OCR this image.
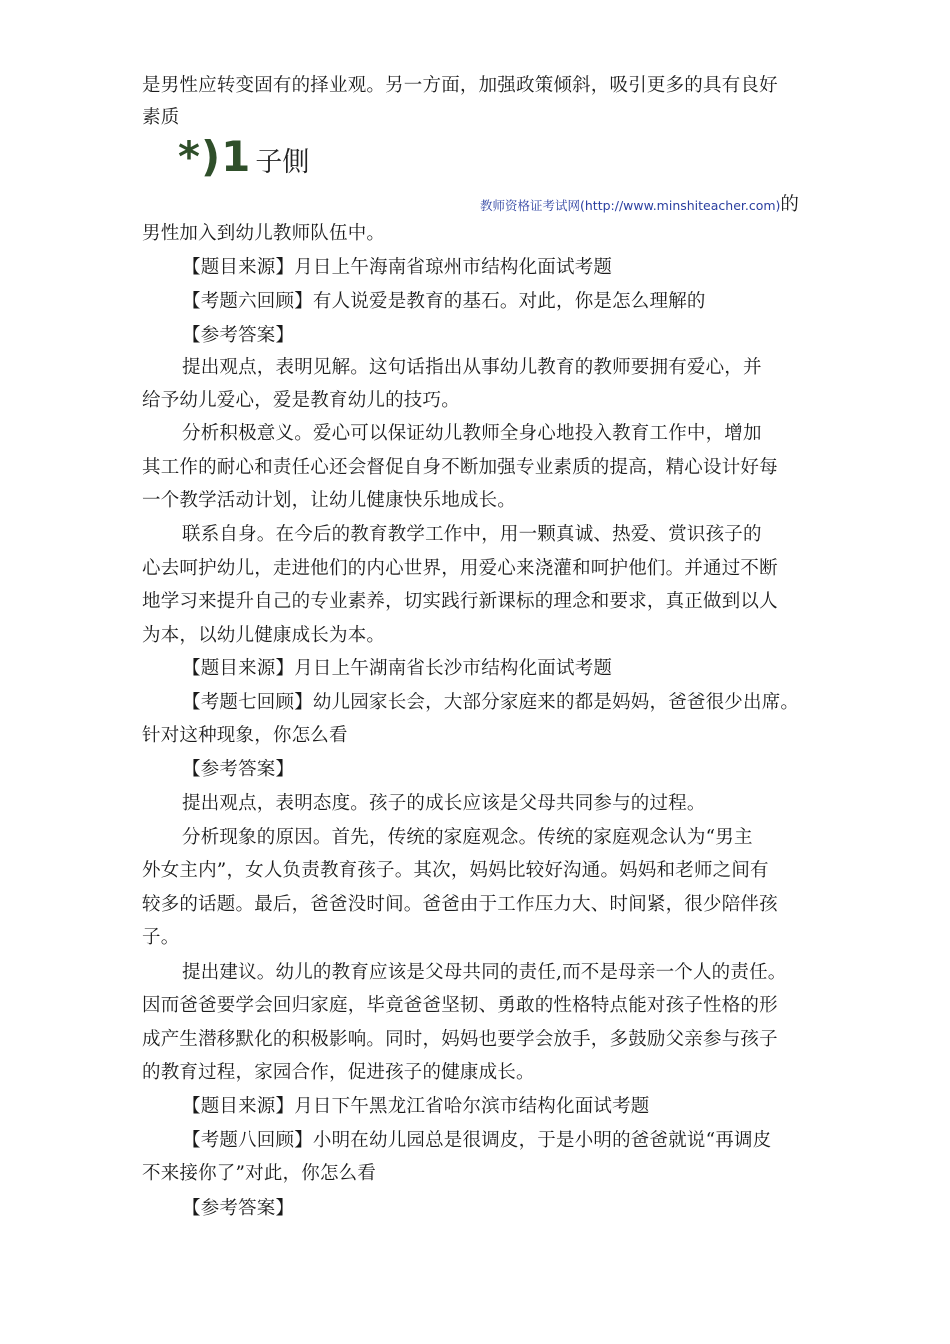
是男性应转变固有的择业观。另一方面，加强政策倾斜，吸引更多的具有良好
素质
*)1 子側
教师资格证考试网(http://www.minshiteacher.com)的
男性加入到幼儿教师队伍中。
【题目来源】月日上午海南省琼州市结构化面试考题
【考题六回顾】有人说爱是教育的基石。对此，你是怎么理解的
【参考答案】
提出观点，表明见解。这句话指出从事幼儿教育的教师要拥有爱心，并
给予幼儿爱心，爱是教育幼儿的技巧。
分析积极意义。爱心可以保证幼儿教师全身心地投入教育工作中，增加
其工作的耐心和责任心还会督促自身不断加强专业素质的提高，精心设计好每
一个教学活动计划，让幼儿健康快乐地成长。
联系自身。在今后的教育教学工作中，用一颗真诚、热爱、赏识孩子的
心去呵护幼儿，走进他们的内心世界，用爱心来浇灌和呵护他们。并通过不断
地学习来提升自己的专业素养，切实践行新课标的理念和要求，真正做到以人
为本，以幼儿健康成长为本。
【题目来源】月日上午湖南省长沙市结构化面试考题
【考题七回顾】幼儿园家长会，大部分家庭来的都是妈妈，爸爸很少出席。
针对这种现象，你怎么看
【参考答案】
提出观点，表明态度。孩子的成长应该是父母共同参与的过程。
分析现象的原因。首先，传统的家庭观念。传统的家庭观念认为“男主
外女主内”，女人负责教育孩子。其次，妈妈比较好沟通。妈妈和老师之间有
较多的话题。最后，爸爸没时间。爸爸由于工作压力大、时间紧，很少陪伴孩
子。
提出建议。幼儿的教育应该是父母共同的责任,而不是母亲一个人的责任。
因而爸爸要学会回归家庭，毕竟爸爸坚韧、勇敢的性格特点能对孩子性格的形
成产生潜移默化的积极影响。同时，妈妈也要学会放手，多鼓励父亲参与孩子
的教育过程，家园合作，促进孩子的健康成长。
【题目来源】月日下午黑龙江省哈尔滨市结构化面试考题
【考题八回顾】小明在幼儿园总是很调皮，于是小明的爸爸就说“再调皮
不来接你了”对此，你怎么看
【参考答案】
